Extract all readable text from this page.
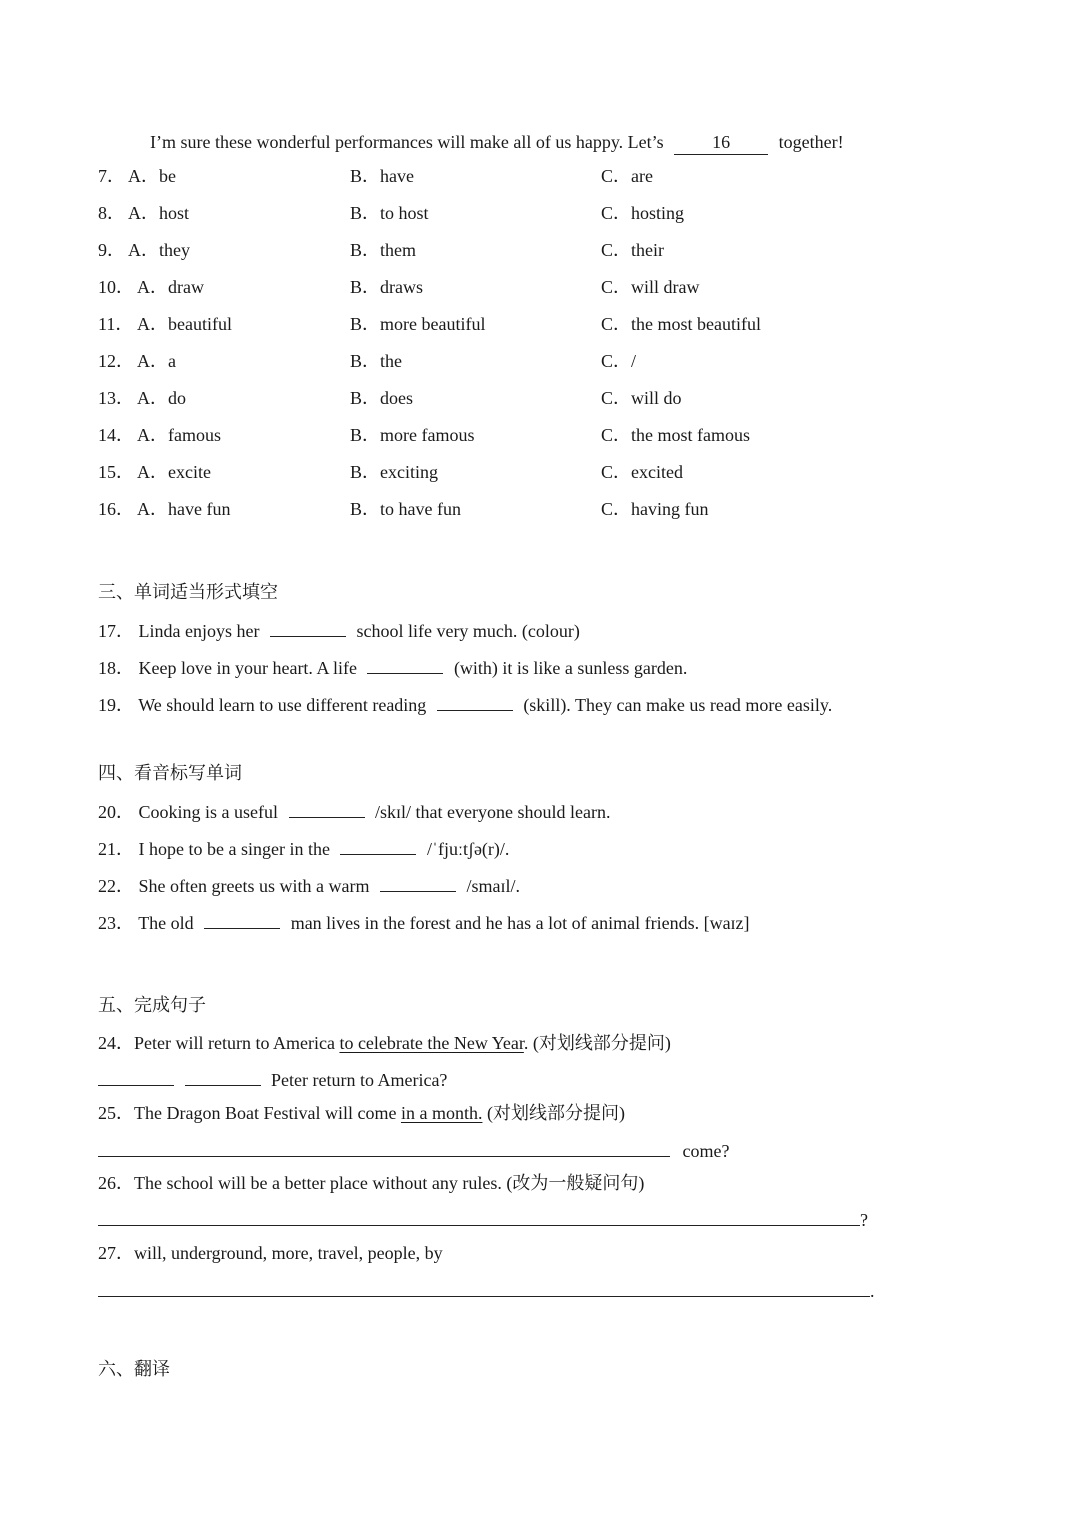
I’m sure these wonderful performances will make all of us happy. Let’s	16	together!
7． A．be	B．have	C．are
8． A．host	B．to host	C．hosting
9． A．they	B．them	C．their
10． A．draw	B．draws	C．will draw
11． A．beautiful	B．more beautiful	C．the most beautiful
12． A．a	B．the	C．/
13． A．do	B．does	C．will do
14． A．famous	B．more famous	C．the most famous
15． A．excite	B．exciting	C．excited
16． A．have fun	B．to have fun	C．having fun
三、单词适当形式填空
17． Linda enjoys her	school life very much. (colour)
18． Keep love in your heart. A life	(with) it is like a sunless garden.
19． We should learn to use different reading	(skill). They can make us read more easily.
四、看音标写单词
20． Cooking is a useful	/skɪl/ that everyone should learn.
21． I hope to be a singer in the	/ˈfjuːtʃə(r)/.
22． She often greets us with a warm	/smaɪl/.
23． The old	man lives in the forest and he has a lot of animal friends. [waɪz]
五、完成句子
24．Peter will return to America to celebrate the New Year. (对划线部分提问)
Peter return to America?
25．The Dragon Boat Festival will come in a month. (对划线部分提问)
come?
26．The school will be a better place without any rules. (改为一般疑问句)
?
27．will, underground, more, travel, people, by
.
六、翻译
